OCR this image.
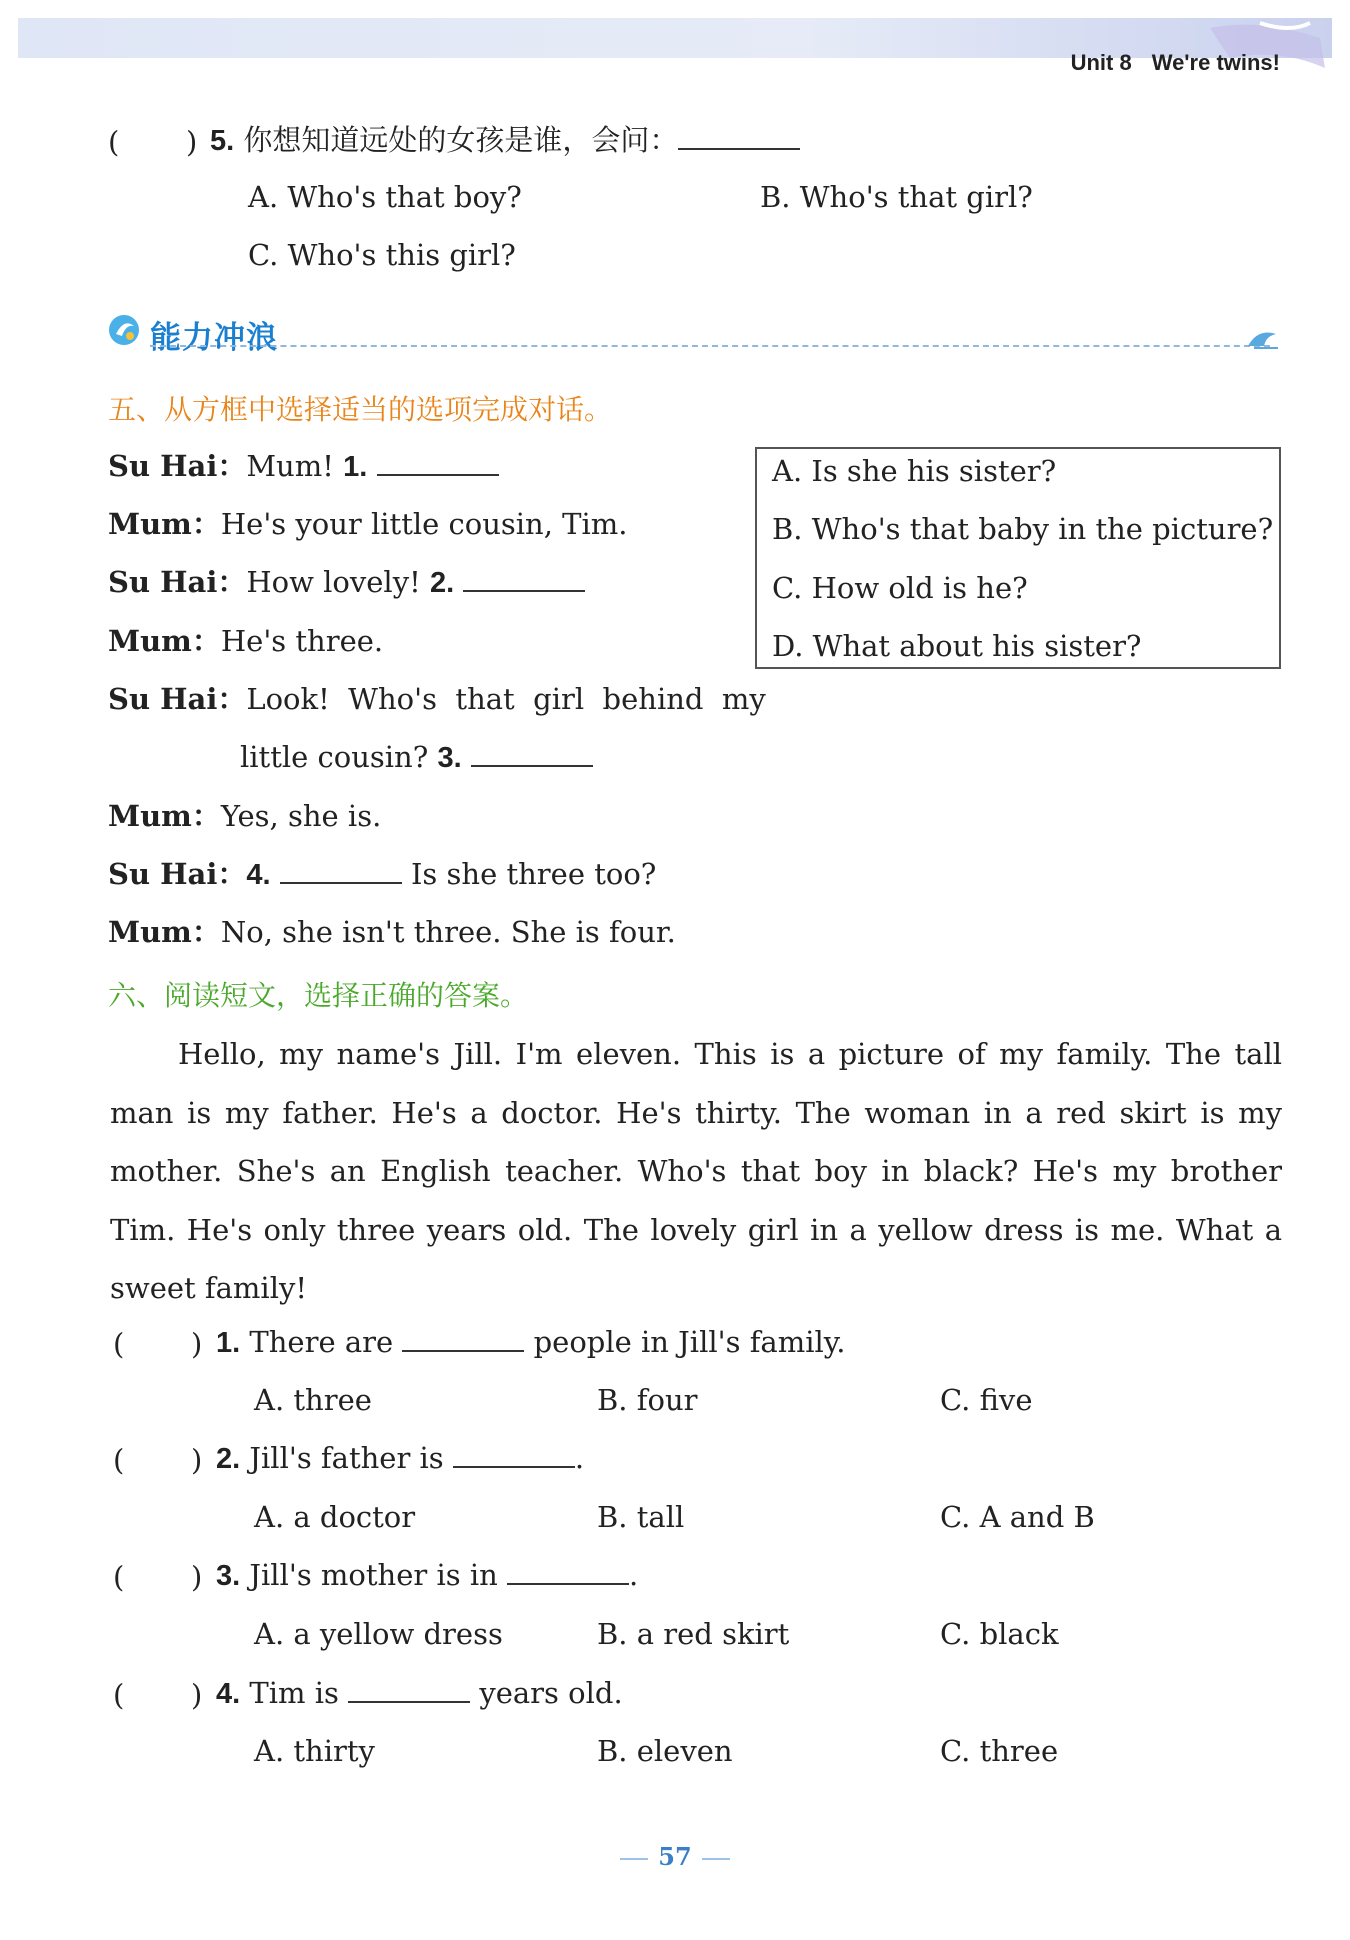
Unit 8 We're twins!
( ) 5. 你想知道远处的女孩是谁，会问：
A. Who's that boy?	B. Who's that girl?
C. Who's this girl?
能力冲浪
五、从方框中选择适当的选项完成对话。
Su Hai：Mum! 1.
Mum：He's your little cousin, Tim.
Su Hai：How lovely! 2.
Mum：He's three.
Su Hai：Look!  Who's  that  girl  behind  my
little cousin? 3.
Mum：Yes, she is.
Su Hai：4.	Is she three too?
Mum：No, she isn't three. She is four.
A. Is she his sister?
B. Who's that baby in the picture?
C. How old is he?
D. What about his sister?
六、阅读短文，选择正确的答案。
Hello, my name's Jill. I'm eleven. This is a picture of my family. The tall man is my father. He's a doctor. He's thirty. The woman in a red skirt is my mother. She's an English teacher. Who's that boy in black? He's my brother Tim. He's only three years old. The lovely girl in a yellow dress is me. What a sweet family!
( ) 1. There are	people in Jill's family.
A. three	B. four	C. five
( ) 2. Jill's father is	.
A. a doctor	B. tall	C. A and B
( ) 3. Jill's mother is in	.
A. a yellow dress	B. a red skirt	C. black
( ) 4. Tim is	years old.
A. thirty	B. eleven	C. three
57
